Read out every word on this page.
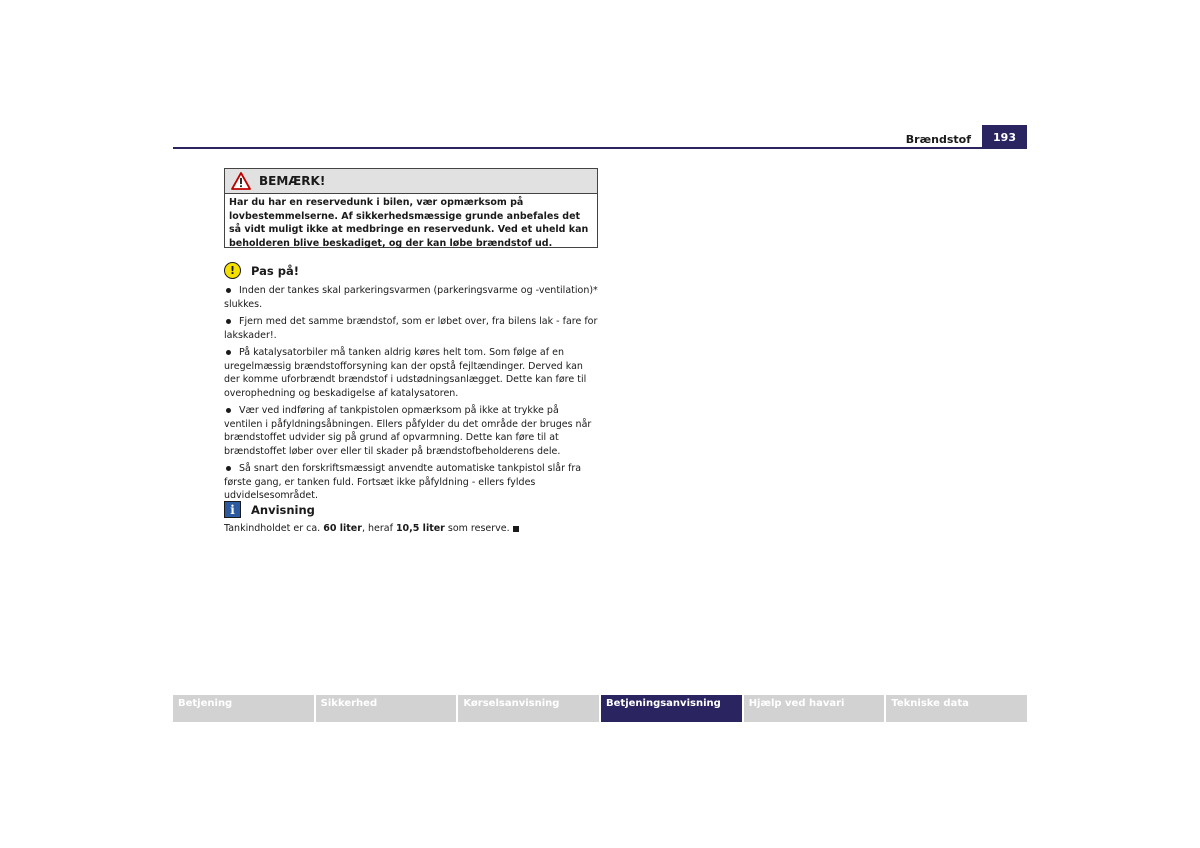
Brændstof	193
BEMÆRK!
Har du har en reservedunk i bilen, vær opmærksom på lovbestemmelserne. Af sikkerhedsmæssige grunde anbefales det så vidt muligt ikke at medbringe en reservedunk. Ved et uheld kan beholderen blive beskadiget, og der kan løbe brændstof ud.
!	Pas på!
Inden der tankes skal parkeringsvarmen (parkeringsvarme og -ventilation)* slukkes.
Fjern med det samme brændstof, som er løbet over, fra bilens lak - fare for lakskader!.
På katalysatorbiler må tanken aldrig køres helt tom. Som følge af en uregelmæssig brændstofforsyning kan der opstå fejltændinger. Derved kan der komme uforbrændt brændstof i udstødningsanlægget. Dette kan føre til overophedning og beskadigelse af katalysatoren.
Vær ved indføring af tankpistolen opmærksom på ikke at trykke på ventilen i påfyldningsåbningen. Ellers påfylder du det område der bruges når brændstoffet udvider sig på grund af opvarmning. Dette kan føre til at brændstoffet løber over eller til skader på brændstofbeholderens dele.
Så snart den forskriftsmæssigt anvendte automatiske tankpistol slår fra første gang, er tanken fuld. Fortsæt ikke påfyldning - ellers fyldes udvidelsesområdet.
i	Anvisning
Tankindholdet er ca. 60 liter, heraf 10,5 liter som reserve.
Betjening	Sikkerhed	Kørselsanvisning	Betjeningsanvisning	Hjælp ved havari	Tekniske data
